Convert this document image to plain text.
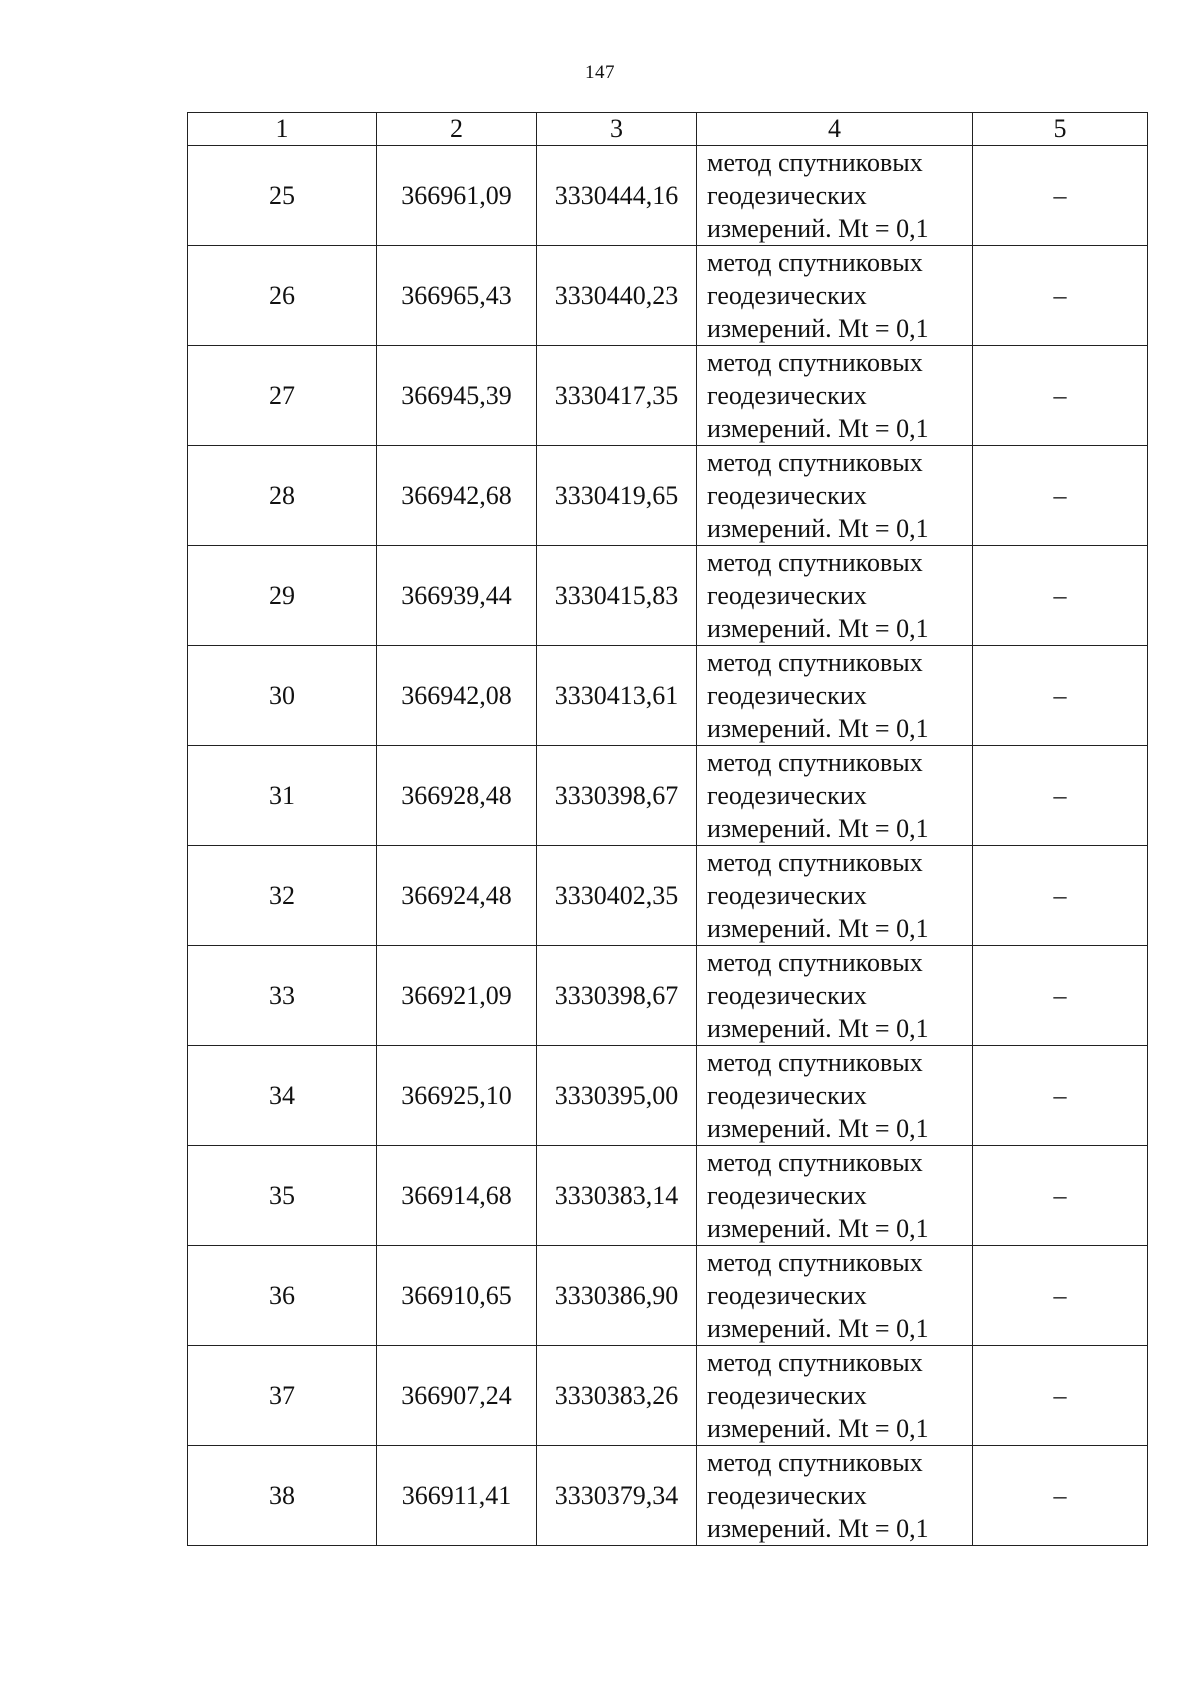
147
1	2	3	4	5
25	366961,09	3330444,16	метод спутниковых
геодезических
измерений. Mt = 0,1	–
26	366965,43	3330440,23	метод спутниковых
геодезических
измерений. Mt = 0,1	–
27	366945,39	3330417,35	метод спутниковых
геодезических
измерений. Mt = 0,1	–
28	366942,68	3330419,65	метод спутниковых
геодезических
измерений. Mt = 0,1	–
29	366939,44	3330415,83	метод спутниковых
геодезических
измерений. Mt = 0,1	–
30	366942,08	3330413,61	метод спутниковых
геодезических
измерений. Mt = 0,1	–
31	366928,48	3330398,67	метод спутниковых
геодезических
измерений. Mt = 0,1	–
32	366924,48	3330402,35	метод спутниковых
геодезических
измерений. Mt = 0,1	–
33	366921,09	3330398,67	метод спутниковых
геодезических
измерений. Mt = 0,1	–
34	366925,10	3330395,00	метод спутниковых
геодезических
измерений. Mt = 0,1	–
35	366914,68	3330383,14	метод спутниковых
геодезических
измерений. Mt = 0,1	–
36	366910,65	3330386,90	метод спутниковых
геодезических
измерений. Mt = 0,1	–
37	366907,24	3330383,26	метод спутниковых
геодезических
измерений. Mt = 0,1	–
38	366911,41	3330379,34	метод спутниковых
геодезических
измерений. Mt = 0,1	–
